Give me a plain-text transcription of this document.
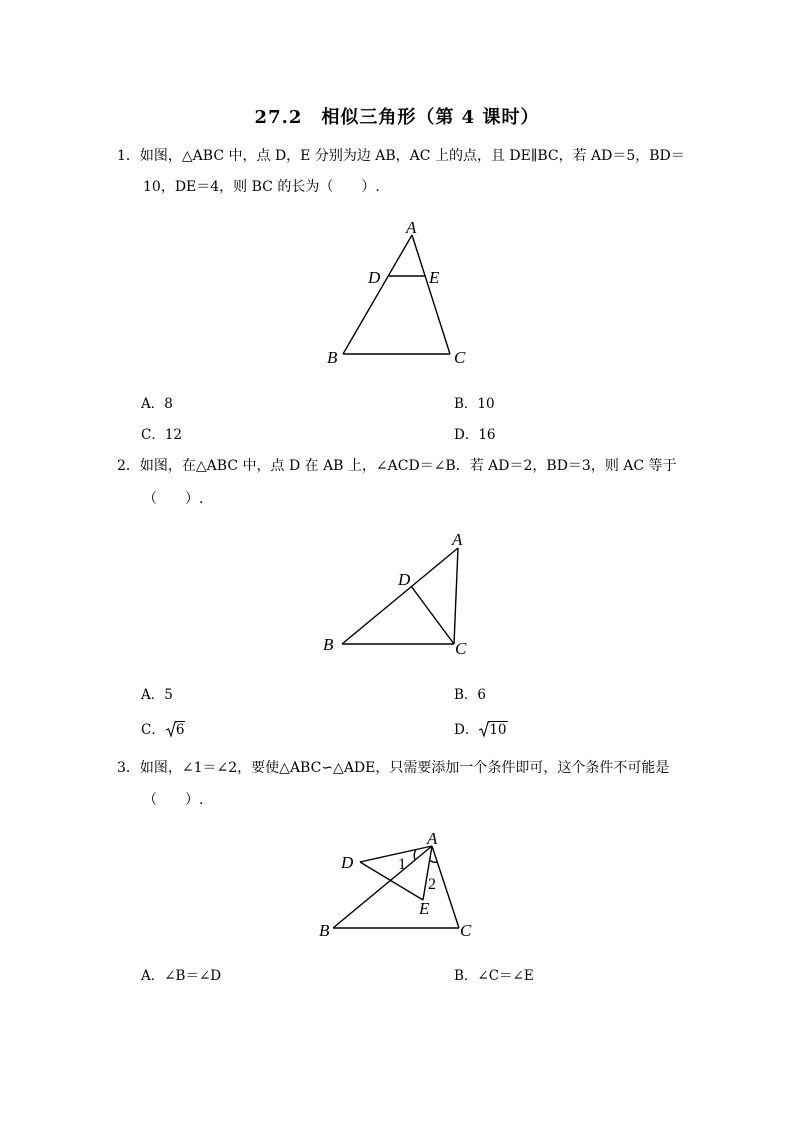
27.2　相似三角形（第 4 课时）
1．如图，△ABC 中，点 D，E 分别为边 AB，AC 上的点，且 DE∥BC，若 AD＝5，BD＝
10，DE＝4，则 BC 的长为（　　）.
A
D	E
B	C
A．8	B．10
C．12	D．16
2．如图，在△ABC 中，点 D 在 AB 上，∠ACD＝∠B．若 AD＝2，BD＝3，则 AC 等于
（　　）.
A
D
B	C
A．5	B．6
C． 6	D． 10
3．如图，∠1＝∠2，要使△ABC∽△ADE，只需要添加一个条件即可，这个条件不可能是
（　　）.
A
D
E
B	C
1
2
A．∠B＝∠D	B．∠C＝∠E
